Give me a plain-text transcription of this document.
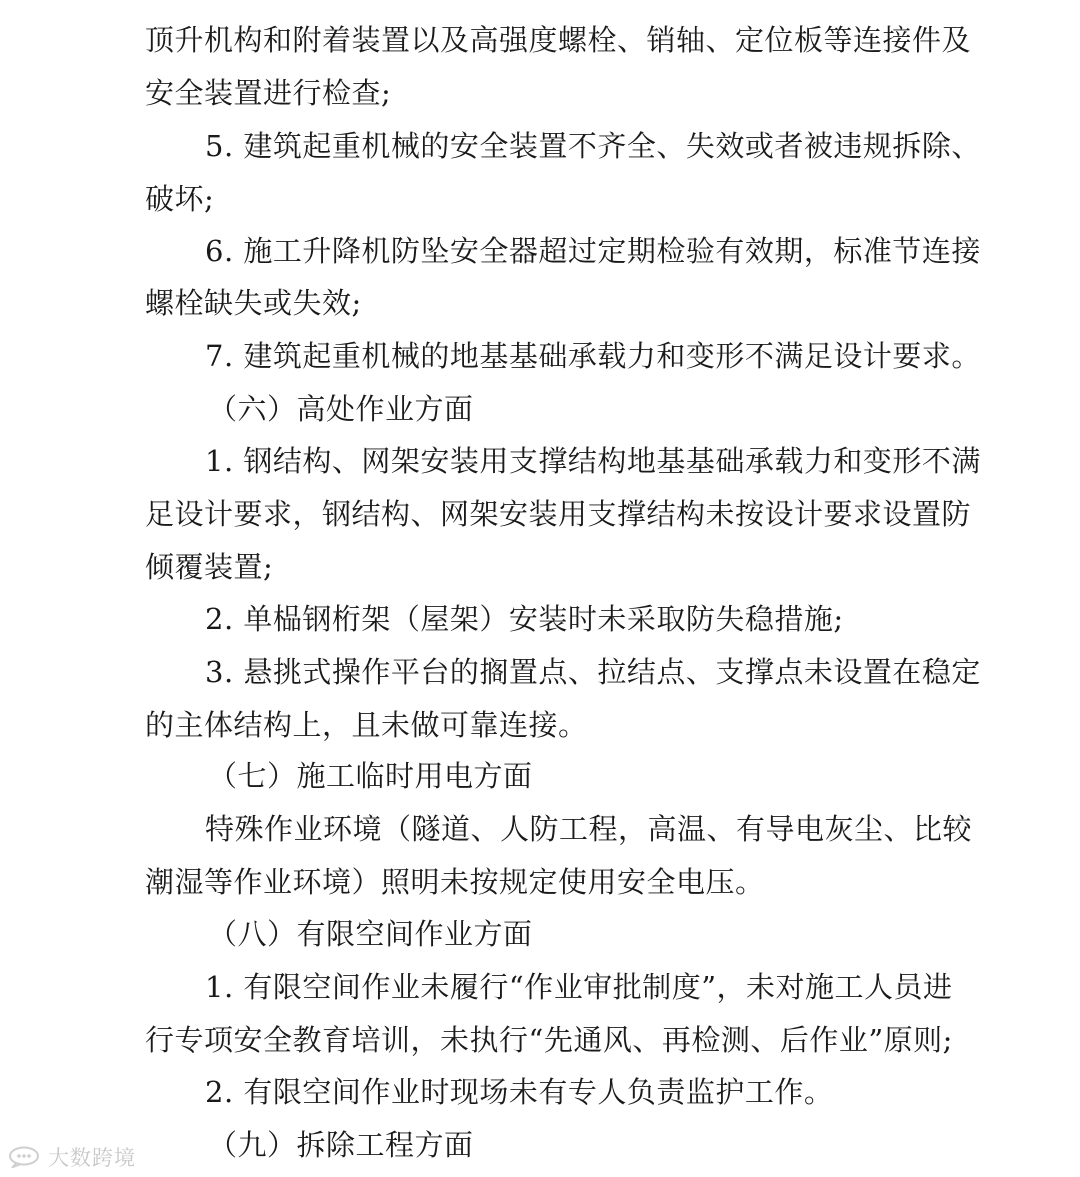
顶升机构和附着装置以及高强度螺栓、销轴、定位板等连接件及
安全装置进行检查;
5. 建筑起重机械的安全装置不齐全、失效或者被违规拆除、
破坏;
6. 施工升降机防坠安全器超过定期检验有效期，标准节连接
螺栓缺失或失效;
7. 建筑起重机械的地基基础承载力和变形不满足设计要求。
（六）高处作业方面
1. 钢结构、网架安装用支撑结构地基基础承载力和变形不满
足设计要求，钢结构、网架安装用支撑结构未按设计要求设置防
倾覆装置;
2. 单榀钢桁架（屋架）安装时未采取防失稳措施;
3. 悬挑式操作平台的搁置点、拉结点、支撑点未设置在稳定
的主体结构上，且未做可靠连接。
（七）施工临时用电方面
特殊作业环境（隧道、人防工程，高温、有导电灰尘、比较
潮湿等作业环境）照明未按规定使用安全电压。
（八）有限空间作业方面
1. 有限空间作业未履行“作业审批制度”，未对施工人员进
行专项安全教育培训，未执行“先通风、再检测、后作业”原则;
2. 有限空间作业时现场未有专人负责监护工作。
（九）拆除工程方面
大数跨境
